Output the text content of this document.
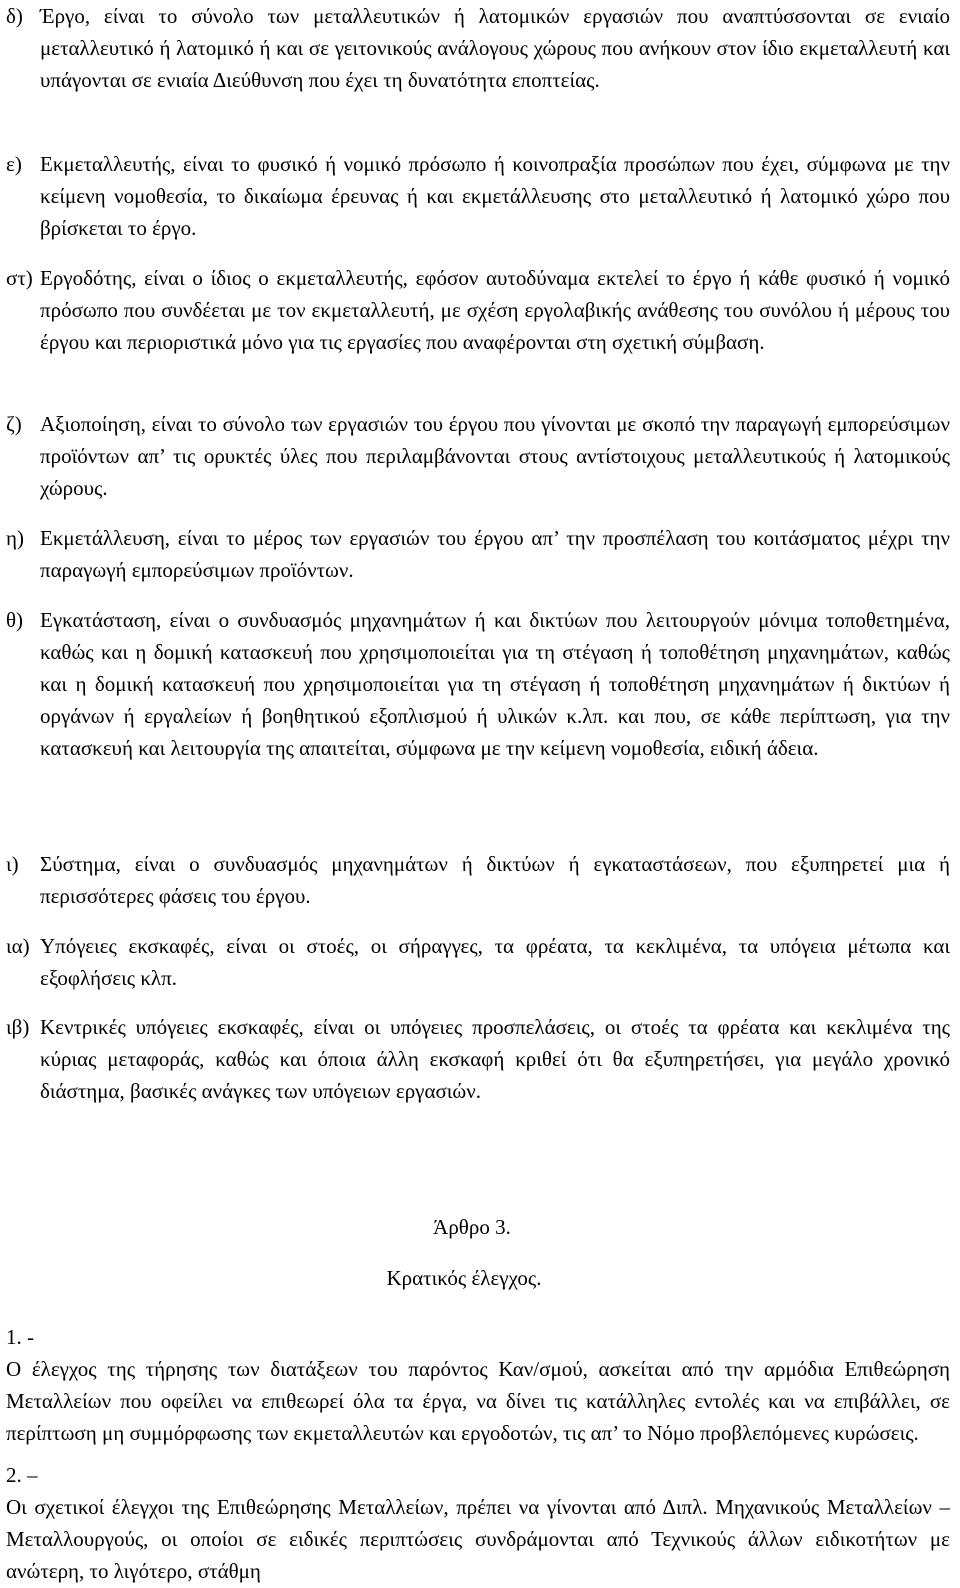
δ) Έργο, είναι το σύνολο των μεταλλευτικών ή λατομικών εργασιών που αναπτύσσονται σε ενιαίο μεταλλευτικό ή λατομικό ή και σε γειτονικούς ανάλογους χώρους που ανήκουν στον ίδιο εκμεταλλευτή και υπάγονται σε ενιαία Διεύθυνση που έχει τη δυνατότητα εποπτείας.
ε) Εκμεταλλευτής, είναι το φυσικό ή νομικό πρόσωπο ή κοινοπραξία προσώπων που έχει, σύμφωνα με την κείμενη νομοθεσία, το δικαίωμα έρευνας ή και εκμετάλλευσης στο μεταλλευτικό ή λατομικό χώρο που βρίσκεται το έργο.
στ) Εργοδότης, είναι ο ίδιος ο εκμεταλλευτής, εφόσον αυτοδύναμα εκτελεί το έργο ή κάθε φυσικό ή νομικό πρόσωπο που συνδέεται με τον εκμεταλλευτή, με σχέση εργολαβικής ανάθεσης του συνόλου ή μέρους του έργου και περιοριστικά μόνο για τις εργασίες που αναφέρονται στη σχετική σύμβαση.
ζ) Αξιοποίηση, είναι το σύνολο των εργασιών του έργου που γίνονται με σκοπό την παραγωγή εμπορεύσιμων προϊόντων απ’ τις ορυκτές ύλες που περιλαμβάνονται στους αντίστοιχους μεταλλευτικούς ή λατομικούς χώρους.
η) Εκμετάλλευση, είναι το μέρος των εργασιών του έργου απ’ την προσπέλαση του κοιτάσματος μέχρι την παραγωγή εμπορεύσιμων προϊόντων.
θ) Εγκατάσταση, είναι ο συνδυασμός μηχανημάτων ή και δικτύων που λειτουργούν μόνιμα τοποθετημένα, καθώς και η δομική κατασκευή που χρησιμοποιείται για τη στέγαση ή τοποθέτηση μηχανημάτων, καθώς και η δομική κατασκευή που χρησιμοποιείται για τη στέγαση ή τοποθέτηση μηχανημάτων ή δικτύων ή οργάνων ή εργαλείων ή βοηθητικού εξοπλισμού ή υλικών κ.λπ. και που, σε κάθε περίπτωση, για την κατασκευή και λειτουργία της απαιτείται, σύμφωνα με την κείμενη νομοθεσία, ειδική άδεια.
ι)	Σύστημα, είναι ο συνδυασμός μηχανημάτων ή δικτύων ή εγκαταστάσεων, που εξυπηρετεί μια ή περισσότερες φάσεις του έργου.
ια) Υπόγειες εκσκαφές, είναι οι στοές, οι σήραγγες, τα φρέατα, τα κεκλιμένα, τα υπόγεια μέτωπα και εξοφλήσεις κλπ.
ιβ) Κεντρικές υπόγειες εκσκαφές, είναι οι υπόγειες προσπελάσεις, οι στοές τα φρέατα και κεκλιμένα της κύριας μεταφοράς, καθώς και όποια άλλη εκσκαφή κριθεί ότι θα εξυπηρετήσει, για μεγάλο χρονικό διάστημα, βασικές ανάγκες των υπόγειων εργασιών.
Άρθρο 3.
Κρατικός έλεγχος.
1. -
Ο έλεγχος της τήρησης των διατάξεων του παρόντος Καν/σμού, ασκείται από την αρμόδια Επιθεώρηση Μεταλλείων που οφείλει να επιθεωρεί όλα τα έργα, να δίνει τις κατάλληλες εντολές και να επιβάλλει, σε περίπτωση μη συμμόρφωσης των εκμεταλλευτών και εργοδοτών, τις απ’ το Νόμο προβλεπόμενες κυρώσεις.
2. –
Οι σχετικοί έλεγχοι της Επιθεώρησης Μεταλλείων, πρέπει να γίνονται από Διπλ. Μηχανικούς Μεταλλείων – Μεταλλουργούς, οι οποίοι σε ειδικές περιπτώσεις συνδράμονται από Τεχνικούς άλλων ειδικοτήτων με ανώτερη, το λιγότερο, στάθμη
